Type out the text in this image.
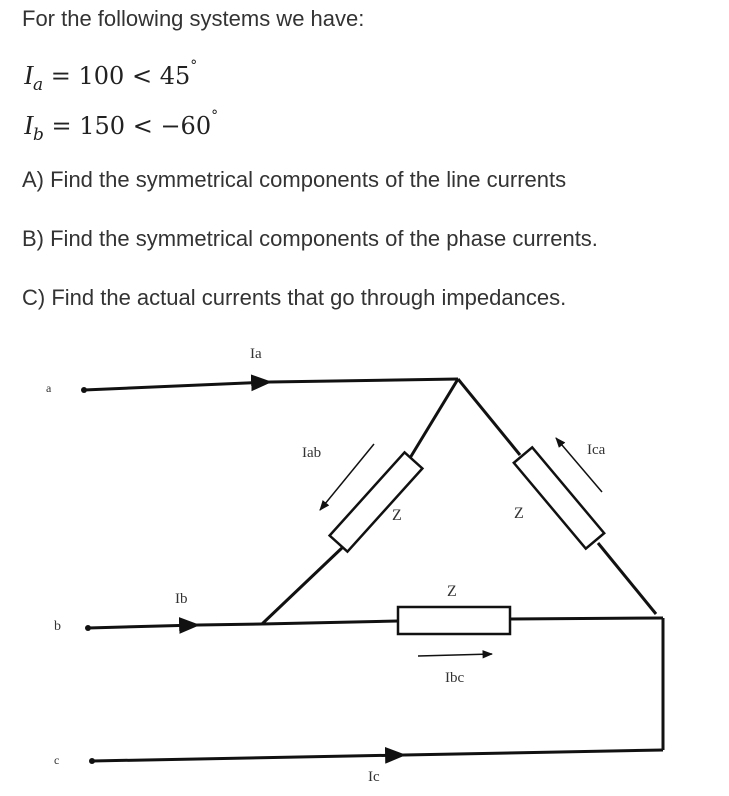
For the following systems we have:
$I_a = 100 < 45^\circ$
$I_b = 150 < -60^\circ$
A) Find the symmetrical components of the line currents
B) Find the symmetrical components of the phase currents.
C) Find the actual currents that go through impedances.
a
b
c
Ia
Ib
Ic
Iab
Ibc
Ica
Z	Z
Z
